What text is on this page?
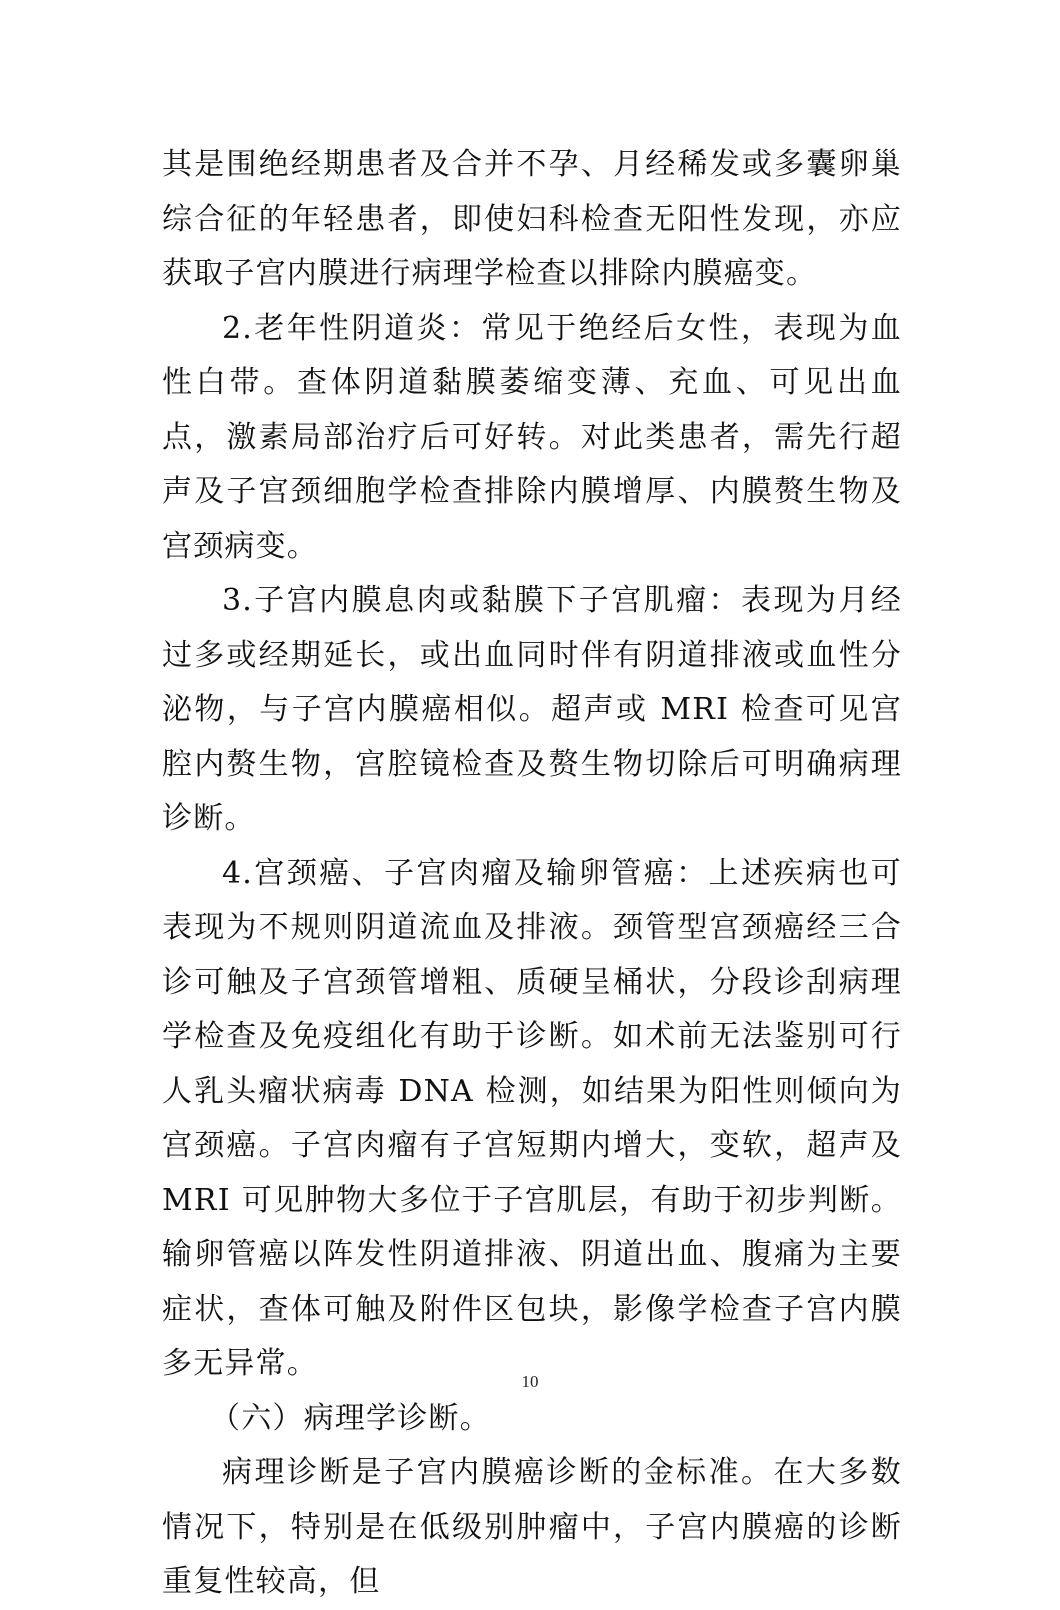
其是围绝经期患者及合并不孕、月经稀发或多囊卵巢综合征的年轻患者，即使妇科检查无阳性发现，亦应获取子宫内膜进行病理学检查以排除内膜癌变。

2.老年性阴道炎：常见于绝经后女性，表现为血性白带。查体阴道黏膜萎缩变薄、充血、可见出血点，激素局部治疗后可好转。对此类患者，需先行超声及子宫颈细胞学检查排除内膜增厚、内膜赘生物及宫颈病变。

3.子宫内膜息肉或黏膜下子宫肌瘤：表现为月经过多或经期延长，或出血同时伴有阴道排液或血性分泌物，与子宫内膜癌相似。超声或 MRI 检查可见宫腔内赘生物，宫腔镜检查及赘生物切除后可明确病理诊断。

4.宫颈癌、子宫肉瘤及输卵管癌：上述疾病也可表现为不规则阴道流血及排液。颈管型宫颈癌经三合诊可触及子宫颈管增粗、质硬呈桶状，分段诊刮病理学检查及免疫组化有助于诊断。如术前无法鉴别可行人乳头瘤状病毒 DNA 检测，如结果为阳性则倾向为宫颈癌。子宫肉瘤有子宫短期内增大，变软，超声及 MRI 可见肿物大多位于子宫肌层，有助于初步判断。输卵管癌以阵发性阴道排液、阴道出血、腹痛为主要症状，查体可触及附件区包块，影像学检查子宫内膜多无异常。

（六）病理学诊断。

病理诊断是子宫内膜癌诊断的金标准。在大多数情况下，特别是在低级别肿瘤中，子宫内膜癌的诊断重复性较高，但

10
